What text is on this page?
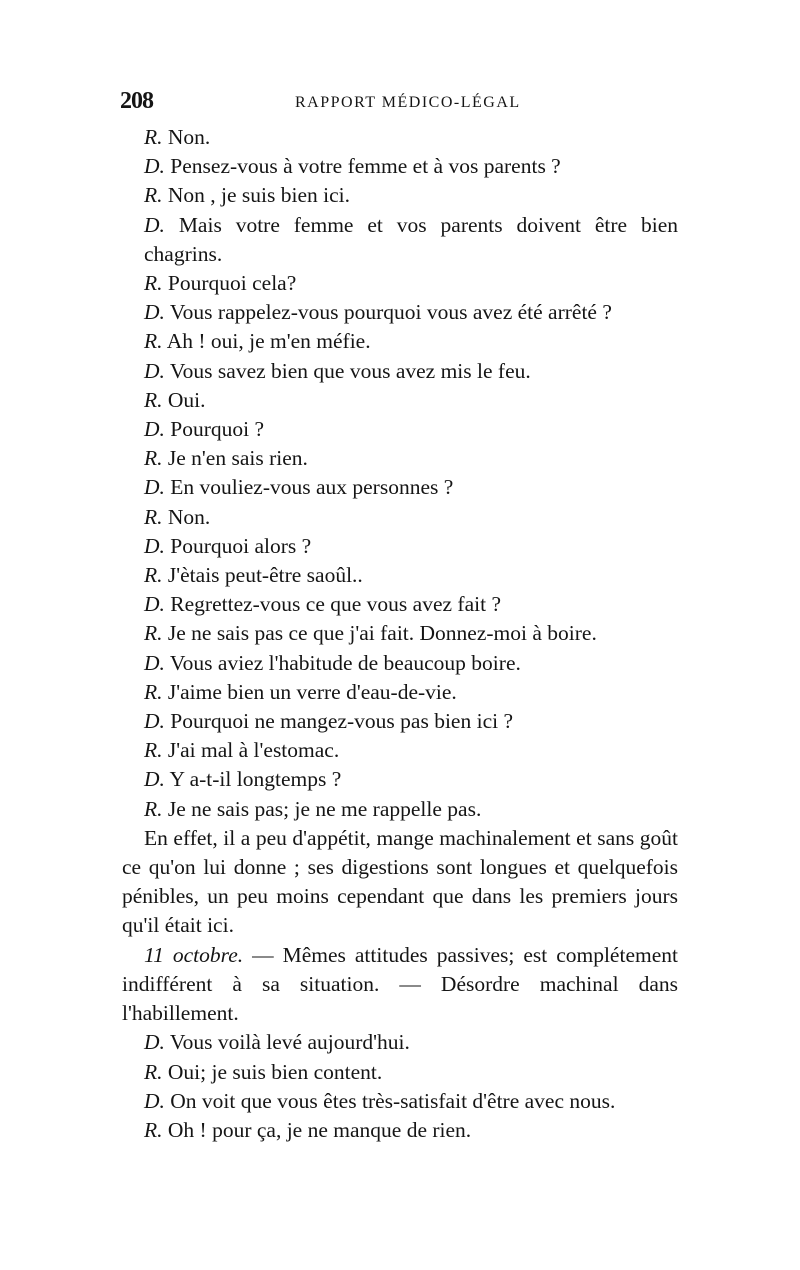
208	RAPPORT MÉDICO-LÉGAL
R. Non.
D. Pensez-vous à votre femme et à vos parents ?
R. Non , je suis bien ici.
D. Mais votre femme et vos parents doivent être bien chagrins.
R. Pourquoi cela?
D. Vous rappelez-vous pourquoi vous avez été arrêté ?
R. Ah ! oui, je m'en méfie.
D. Vous savez bien que vous avez mis le feu.
R. Oui.
D. Pourquoi ?
R. Je n'en sais rien.
D. En vouliez-vous aux personnes ?
R. Non.
D. Pourquoi alors ?
R. J'ètais peut-être saoûl..
D. Regrettez-vous ce que vous avez fait ?
R. Je ne sais pas ce que j'ai fait. Donnez-moi à boire.
D. Vous aviez l'habitude de beaucoup boire.
R. J'aime bien un verre d'eau-de-vie.
D. Pourquoi ne mangez-vous pas bien ici ?
R. J'ai mal à l'estomac.
D. Y a-t-il longtemps ?
R. Je ne sais pas; je ne me rappelle pas.
En effet, il a peu d'appétit, mange machinalement et sans goût ce qu'on lui donne ; ses digestions sont longues et quelquefois pénibles, un peu moins cependant que dans les premiers jours qu'il était ici.
11 octobre. — Mêmes attitudes passives; est complétement indifférent à sa situation. — Désordre machinal dans l'habillement.
D. Vous voilà levé aujourd'hui.
R. Oui; je suis bien content.
D. On voit que vous êtes très-satisfait d'être avec nous.
R. Oh ! pour ça, je ne manque de rien.
